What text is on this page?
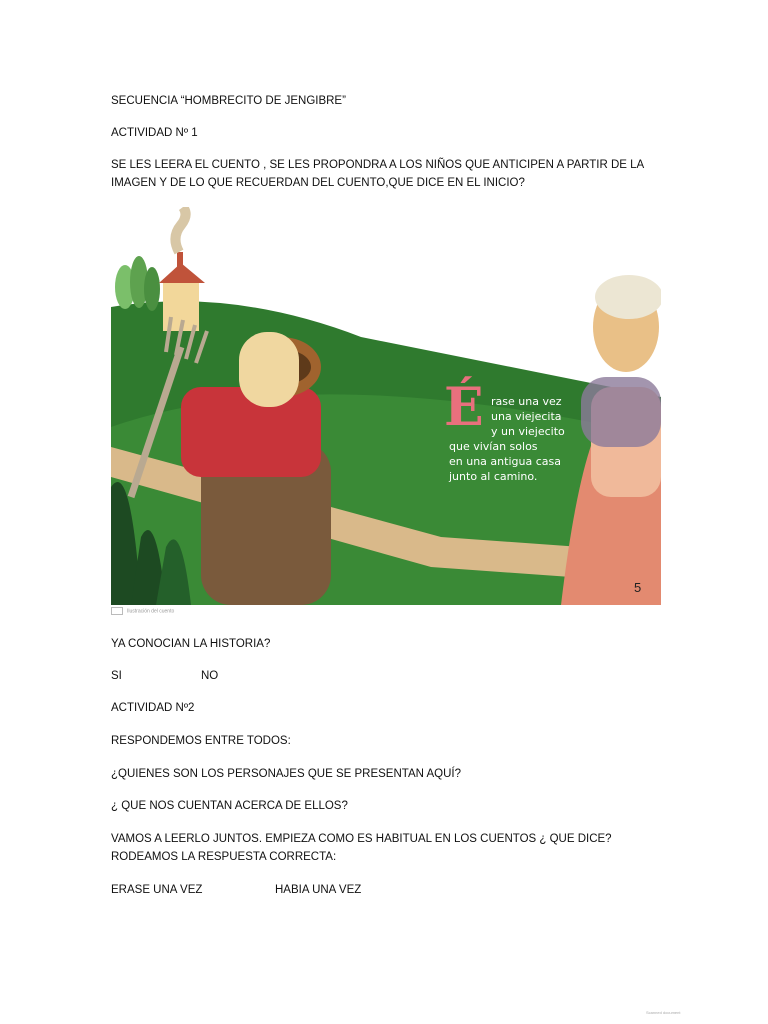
SECUENCIA “HOMBRECITO DE JENGIBRE”
ACTIVIDAD Nº 1
SE LES LEERA EL CUENTO , SE LES PROPONDRA A LOS NIÑOS QUE ANTICIPEN A PARTIR DE LA
IMAGEN Y DE LO QUE RECUERDAN DEL CUENTO,QUE DICE EN EL INICIO?
É rase una vez
una viejecita
y un viejecito
que vivían solos
en una antigua casa
junto al camino.
5
Ilustración del cuento
YA CONOCIAN LA HISTORIA?
SI	NO
ACTIVIDAD Nº2
RESPONDEMOS ENTRE TODOS:
¿QUIENES SON LOS PERSONAJES QUE SE PRESENTAN AQUÍ?
¿ QUE NOS CUENTAN ACERCA DE ELLOS?
VAMOS A LEERLO JUNTOS. EMPIEZA COMO ES HABITUAL EN LOS CUENTOS ¿ QUE DICE?
RODEAMOS LA RESPUESTA CORRECTA:
ERASE UNA VEZ	HABIA UNA VEZ
Scanned document
